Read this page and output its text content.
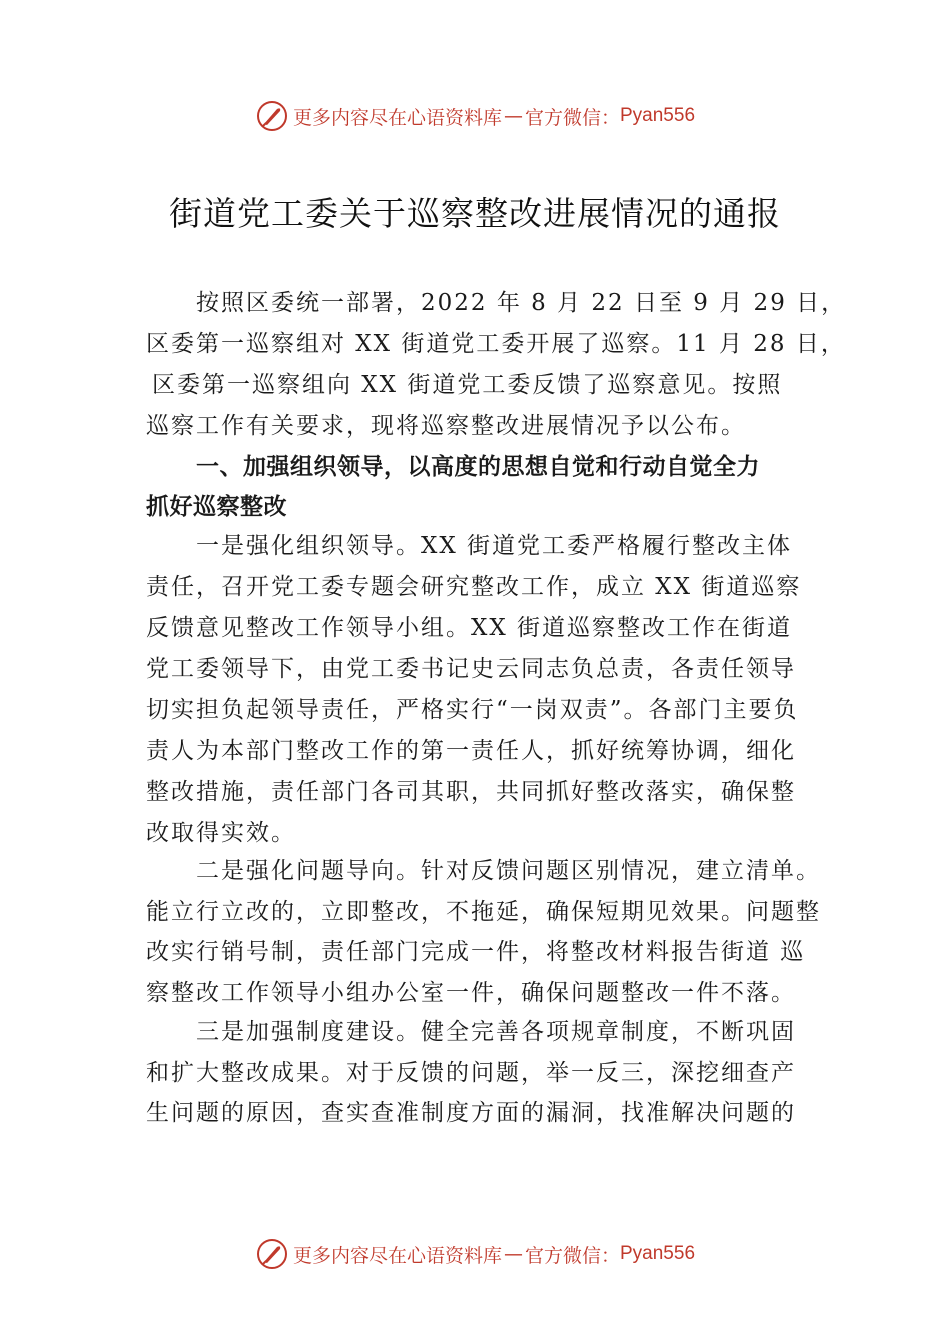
更多内容尽在心语资料库 — 官方微信： Pyan556
街道党工委关于巡察整改进展情况的通报
按照区委统一部署，2022 年 8 月 22 日至 9 月 29 日，
区委第一巡察组对 XX 街道党工委开展了巡察。11 月 28 日，
区委第一巡察组向 XX 街道党工委反馈了巡察意见。按照
巡察工作有关要求，现将巡察整改进展情况予以公布。
一、加强组织领导，以高度的思想自觉和行动自觉全力
抓好巡察整改
一是强化组织领导。XX 街道党工委严格履行整改主体
责任，召开党工委专题会研究整改工作，成立 XX 街道巡察
反馈意见整改工作领导小组。XX 街道巡察整改工作在街道
党工委领导下，由党工委书记史云同志负总责，各责任领导
切实担负起领导责任，严格实行“一岗双责”。各部门主要负
责人为本部门整改工作的第一责任人，抓好统筹协调，细化
整改措施，责任部门各司其职，共同抓好整改落实，确保整
改取得实效。
二是强化问题导向。针对反馈问题区别情况，建立清单。
能立行立改的，立即整改，不拖延，确保短期见效果。问题整
改实行销号制，责任部门完成一件，将整改材料报告街道 巡
察整改工作领导小组办公室一件，确保问题整改一件不落。
三是加强制度建设。健全完善各项规章制度，不断巩固
和扩大整改成果。对于反馈的问题，举一反三，深挖细查产
生问题的原因，查实查准制度方面的漏洞，找准解决问题的
更多内容尽在心语资料库 — 官方微信： Pyan556
